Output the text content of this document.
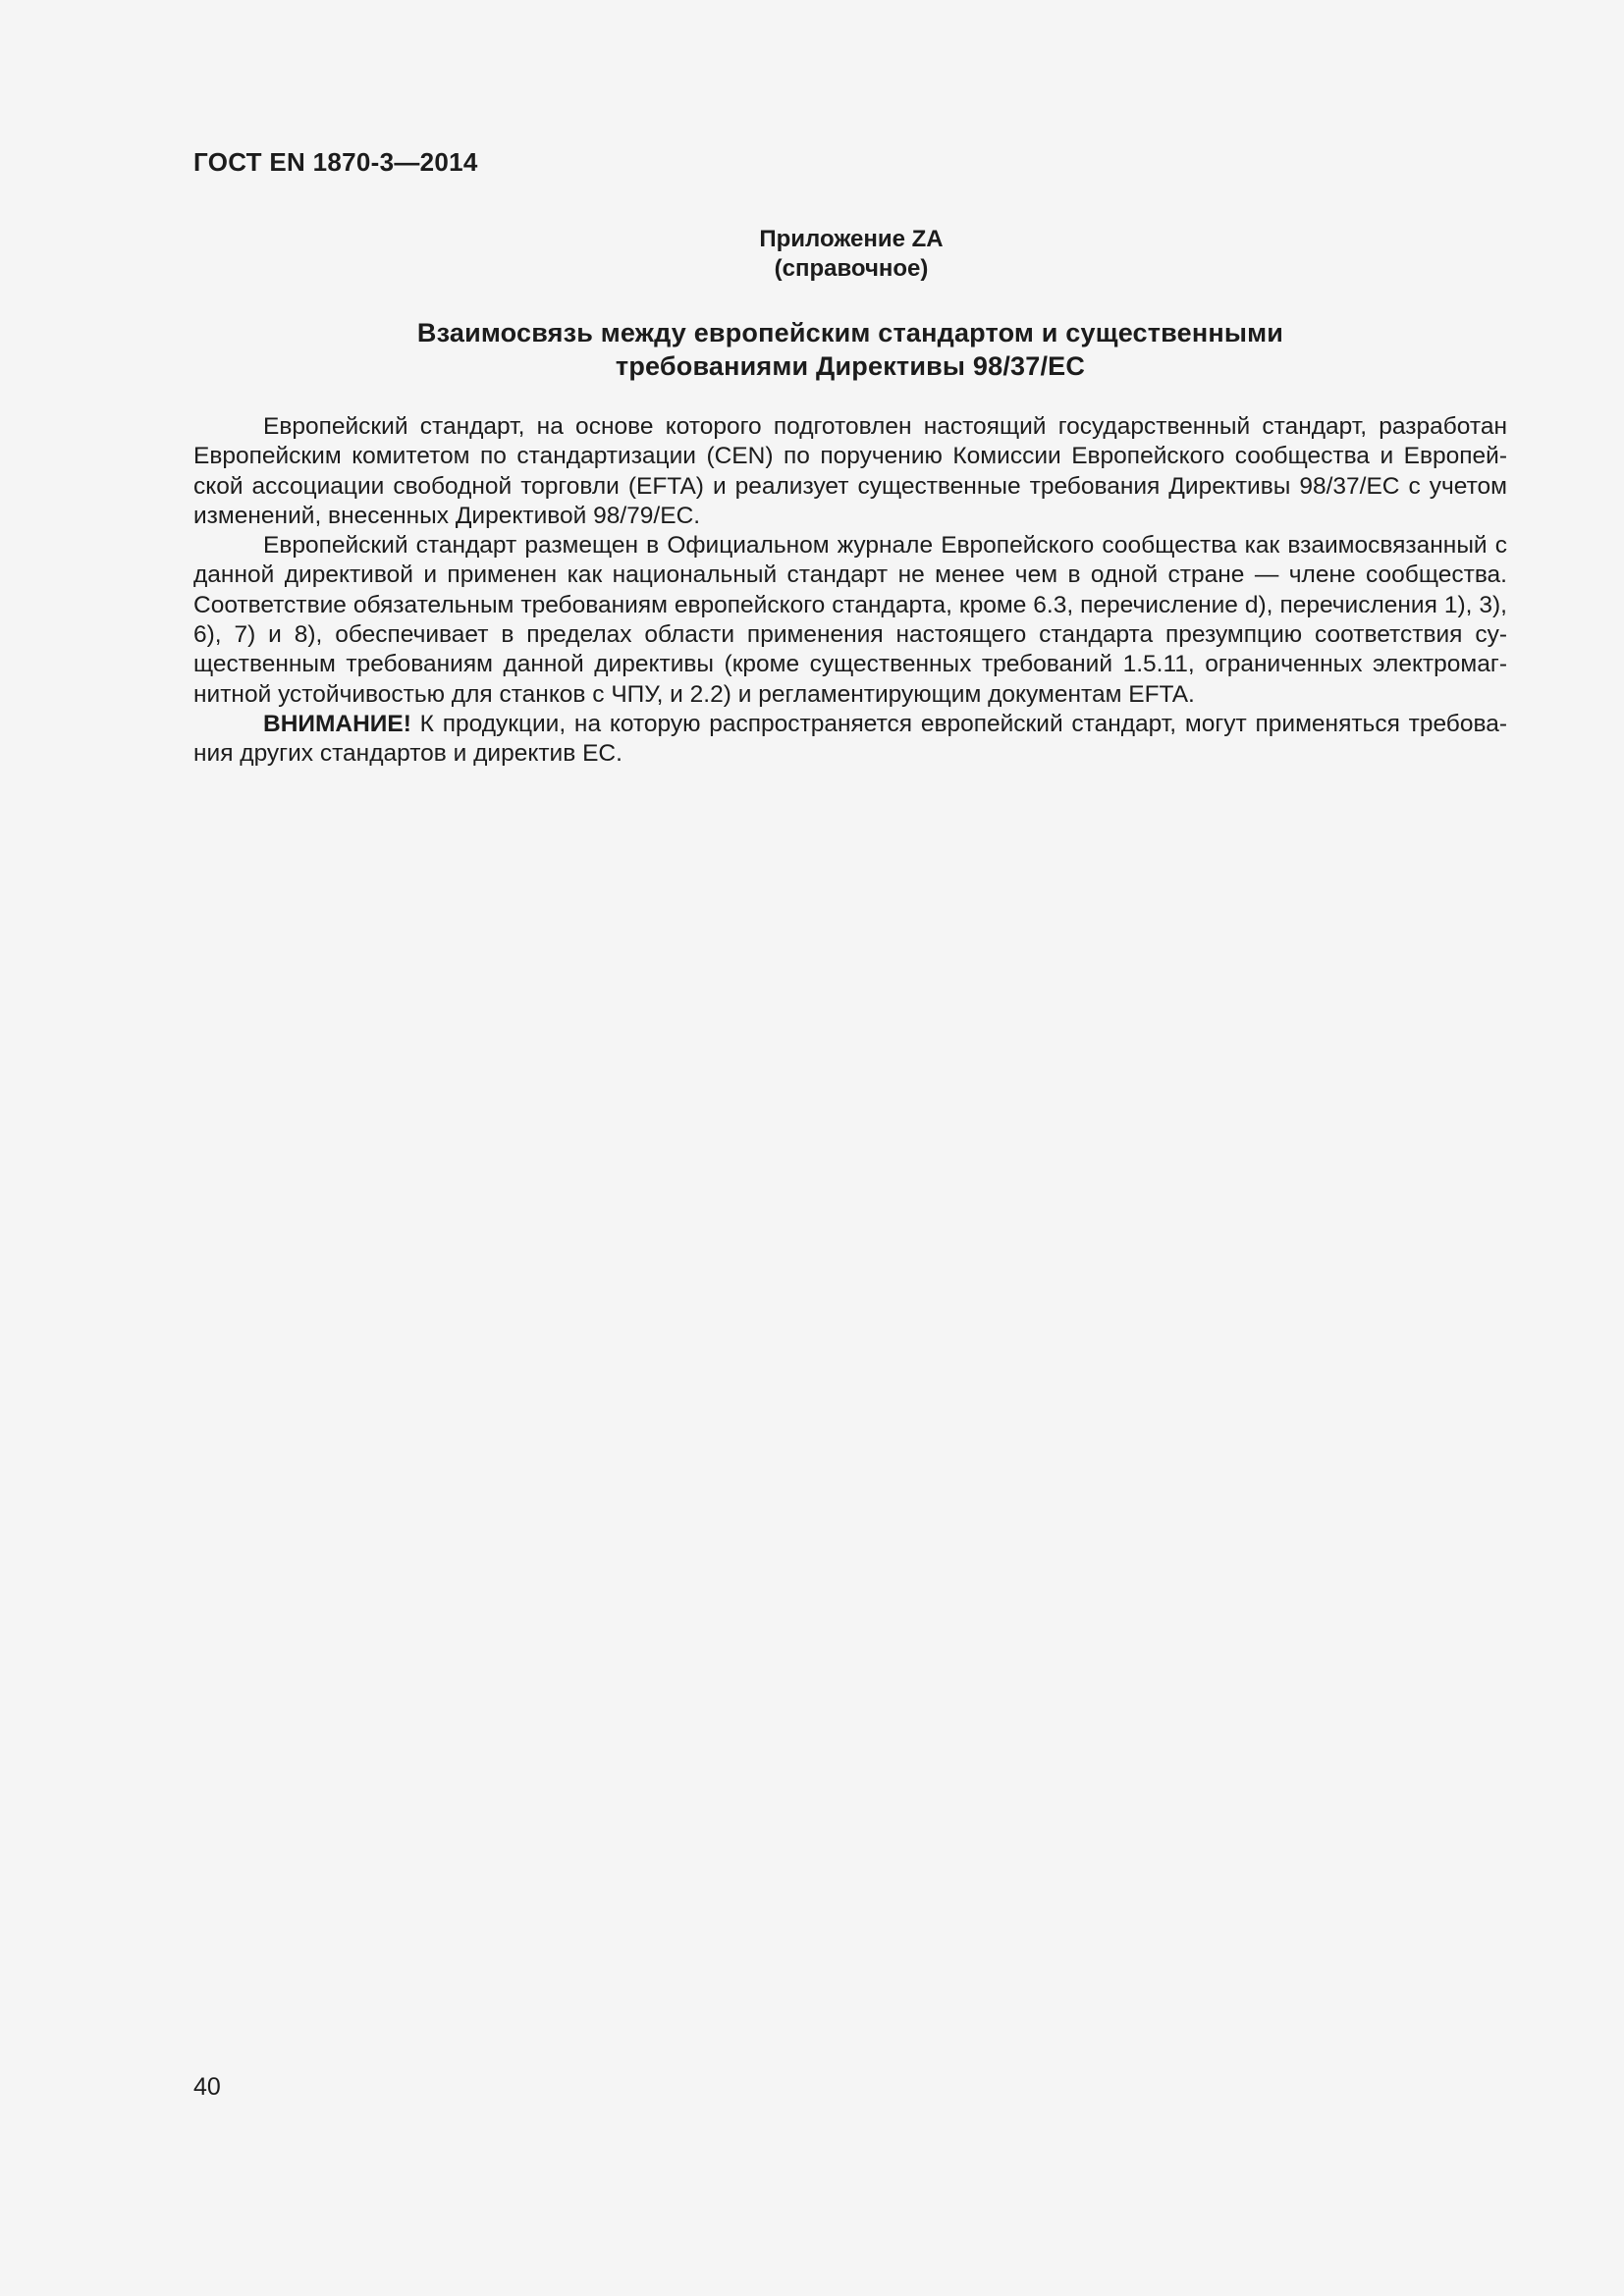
ГОСТ EN 1870-3—2014
Приложение ZA
(справочное)
Взаимосвязь между европейским стандартом и существенными
требованиями Директивы 98/37/ЕС

Европейский стандарт, на основе которого подготовлен настоящий государственный стандарт, разработан Европейским комитетом по стандартизации (CEN) по поручению Комиссии Европейского сообщества и Европейской ассоциации свободной торговли (EFTA) и реализует существенные требования Директивы 98/37/ЕС с учетом изменений, внесенных Директивой 98/79/ЕС.

Европейский стандарт размещен в Официальном журнале Европейского сообщества как взаимосвязанный с данной директивой и применен как национальный стандарт не менее чем в одной стране — члене сообщества. Соответствие обязательным требованиям европейского стандарта, кроме 6.3, перечисление d), перечисления 1), 3), 6), 7) и 8), обеспечивает в пределах области применения настоящего стандарта презумпцию соответствия существенным требованиям данной директивы (кроме существенных требований 1.5.11, ограниченных электромагнитной устойчивостью для станков с ЧПУ, и 2.2) и регламентирующим документам EFTA.

ВНИМАНИЕ! К продукции, на которую распространяется европейский стандарт, могут применяться требования других стандартов и директив ЕС.

40
